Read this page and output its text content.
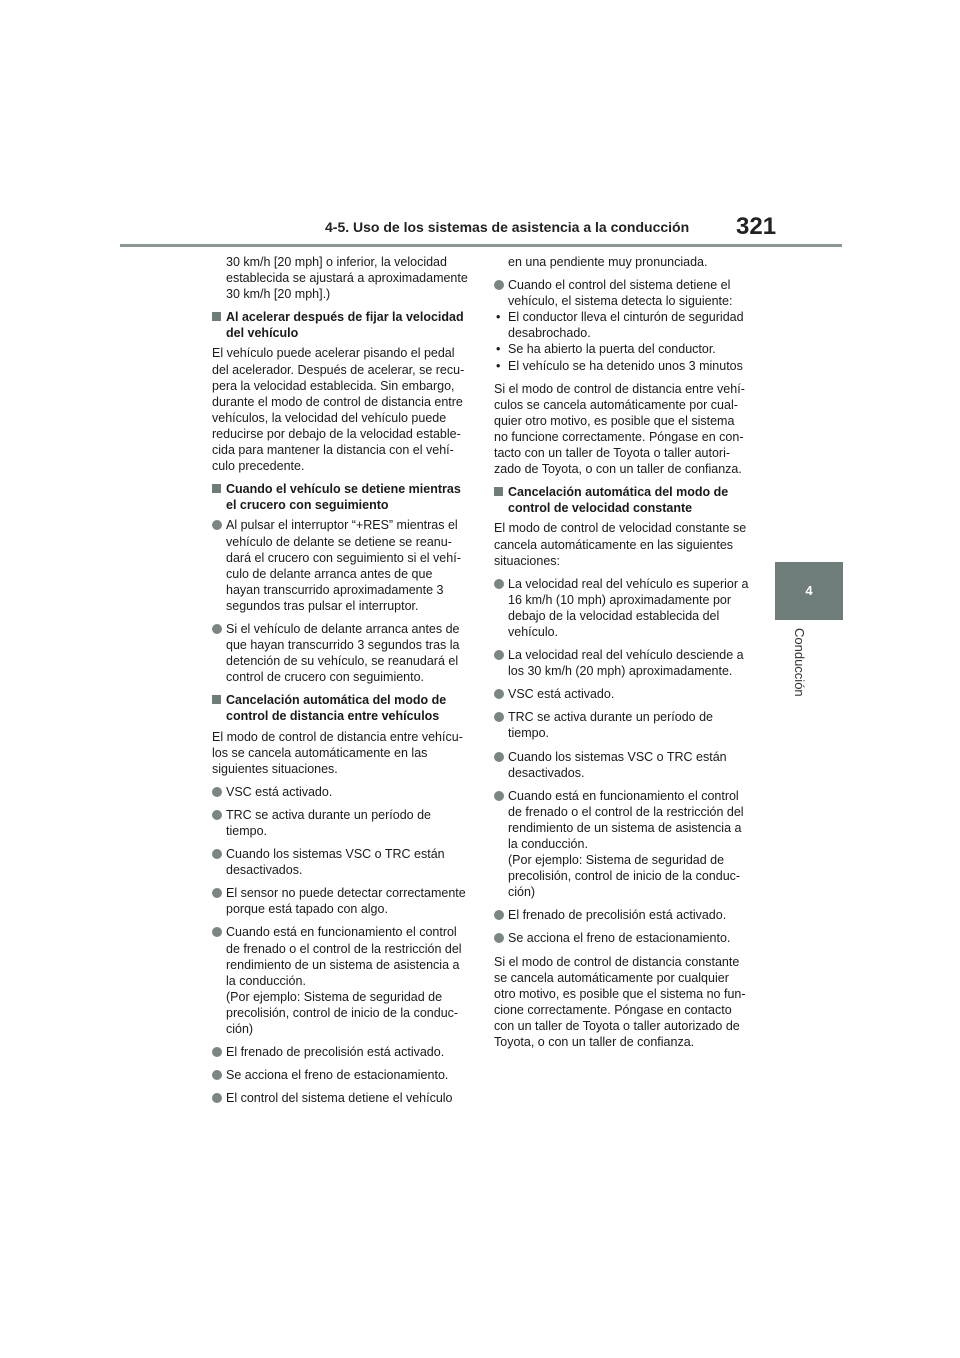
4-5. Uso de los sistemas de asistencia a la conducción	321
4
Conducción
30 km/h [20 mph] o inferior, la velocidad establecida se ajustará a aproximadamente 30 km/h [20 mph].)
Al acelerar después de fijar la velocidad del vehículo
El vehículo puede acelerar pisando el pedal del acelerador. Después de acelerar, se recupera la velocidad establecida. Sin embargo, durante el modo de control de distancia entre vehículos, la velocidad del vehículo puede reducirse por debajo de la velocidad establecida para mantener la distancia con el vehículo precedente.
Cuando el vehículo se detiene mientras el crucero con seguimiento
Al pulsar el interruptor “+RES” mientras el vehículo de delante se detiene se reanudará el crucero con seguimiento si el vehículo de delante arranca antes de que hayan transcurrido aproximadamente 3 segundos tras pulsar el interruptor.
Si el vehículo de delante arranca antes de que hayan transcurrido 3 segundos tras la detención de su vehículo, se reanudará el control de crucero con seguimiento.
Cancelación automática del modo de control de distancia entre vehículos
El modo de control de distancia entre vehículos se cancela automáticamente en las siguientes situaciones.
VSC está activado.
TRC se activa durante un período de tiempo.
Cuando los sistemas VSC o TRC están desactivados.
El sensor no puede detectar correctamente porque está tapado con algo.
Cuando está en funcionamiento el control de frenado o el control de la restricción del rendimiento de un sistema de asistencia a la conducción.
(Por ejemplo: Sistema de seguridad de precolisión, control de inicio de la conducción)
El frenado de precolisión está activado.
Se acciona el freno de estacionamiento.
El control del sistema detiene el vehículo
en una pendiente muy pronunciada.
Cuando el control del sistema detiene el vehículo, el sistema detecta lo siguiente:
• El conductor lleva el cinturón de seguridad desabrochado.
• Se ha abierto la puerta del conductor.
• El vehículo se ha detenido unos 3 minutos
Si el modo de control de distancia entre vehículos se cancela automáticamente por cualquier otro motivo, es posible que el sistema no funcione correctamente. Póngase en contacto con un taller de Toyota o taller autorizado de Toyota, o con un taller de confianza.
Cancelación automática del modo de control de velocidad constante
El modo de control de velocidad constante se cancela automáticamente en las siguientes situaciones:
La velocidad real del vehículo es superior a 16 km/h (10 mph) aproximadamente por debajo de la velocidad establecida del vehículo.
La velocidad real del vehículo desciende a los 30 km/h (20 mph) aproximadamente.
VSC está activado.
TRC se activa durante un período de tiempo.
Cuando los sistemas VSC o TRC están desactivados.
Cuando está en funcionamiento el control de frenado o el control de la restricción del rendimiento de un sistema de asistencia a la conducción.
(Por ejemplo: Sistema de seguridad de precolisión, control de inicio de la conducción)
El frenado de precolisión está activado.
Se acciona el freno de estacionamiento.
Si el modo de control de distancia constante se cancela automáticamente por cualquier otro motivo, es posible que el sistema no funcione correctamente. Póngase en contacto con un taller de Toyota o taller autorizado de Toyota, o con un taller de confianza.
